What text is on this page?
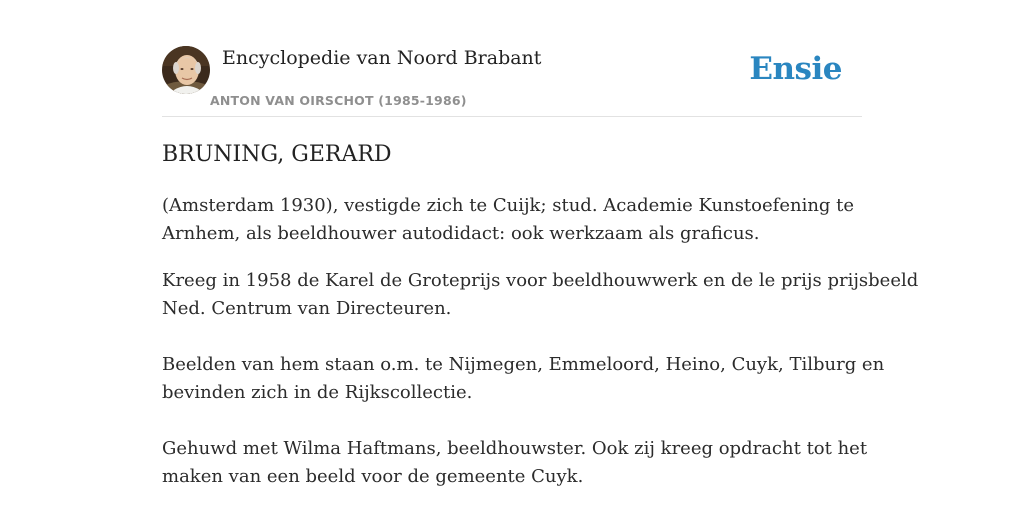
Encyclopedie van Noord Brabant
ANTON VAN OIRSCHOT (1985-1986)
Ensie
BRUNING, GERARD

(Amsterdam 1930), vestigde zich te Cuijk; stud. Academie Kunstoefening te

Arnhem, als beeldhouwer autodidact: ook werkzaam als graficus.

Kreeg in 1958 de Karel de Groteprijs voor beeldhouwwerk en de le prijs prijsbeeld

Ned. Centrum van Directeuren.

Beelden van hem staan o.m. te Nijmegen, Emmeloord, Heino, Cuyk, Tilburg en

bevinden zich in de Rijkscollectie.

Gehuwd met Wilma Haftmans, beeldhouwster. Ook zij kreeg opdracht tot het

maken van een beeld voor de gemeente Cuyk.
